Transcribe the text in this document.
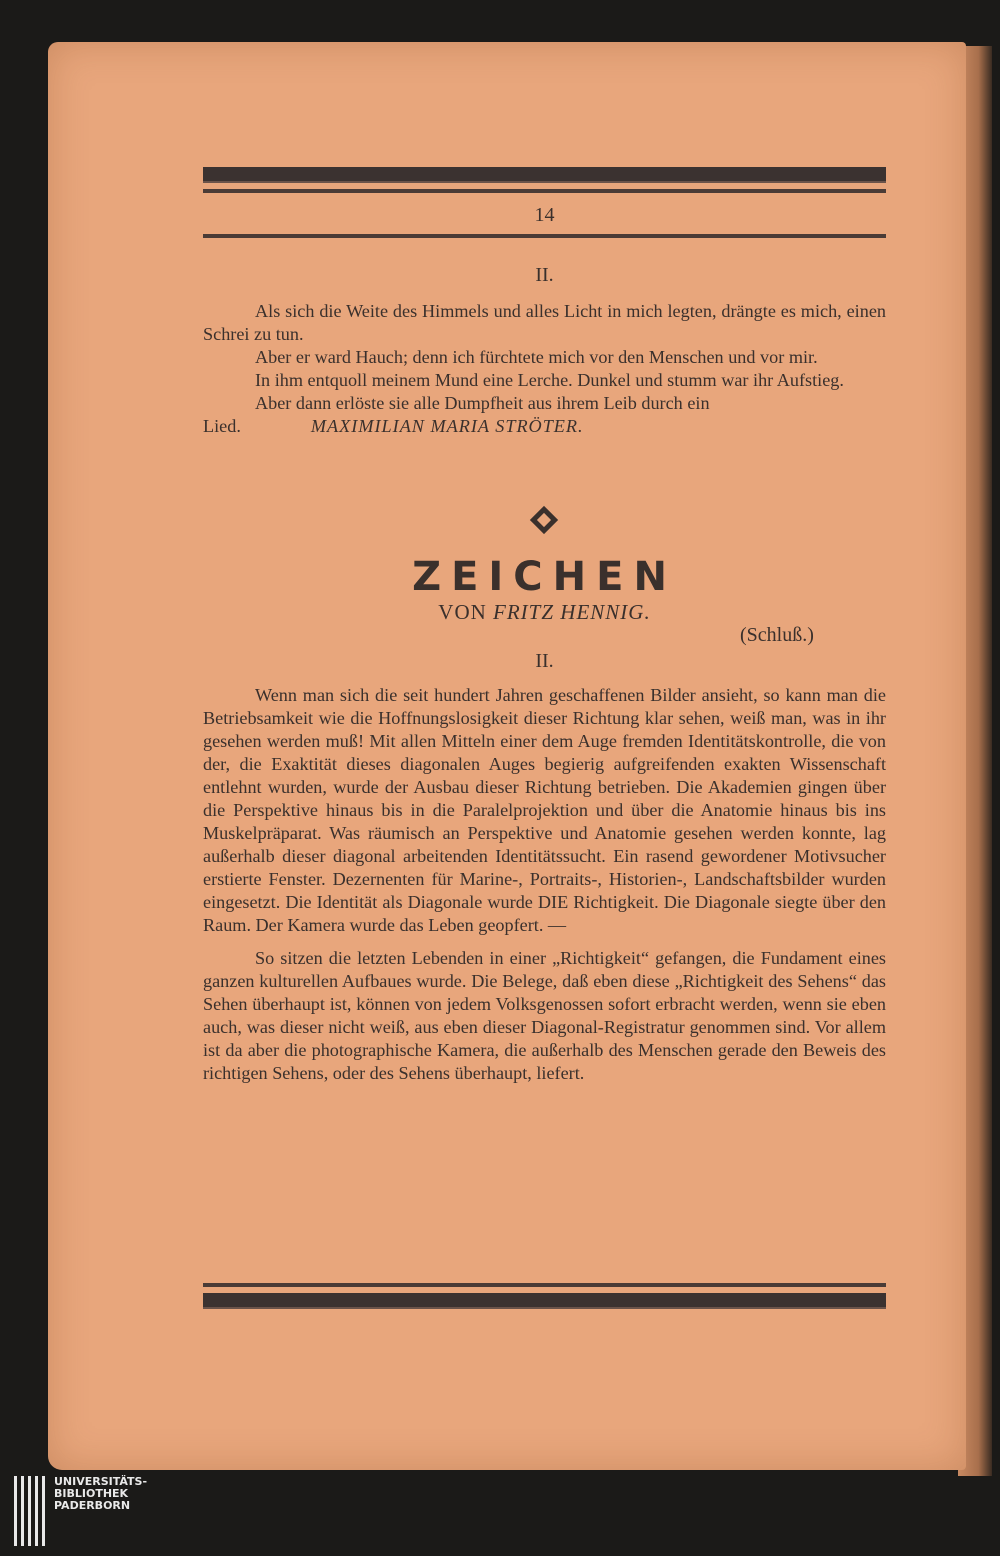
14
II.

Als sich die Weite des Himmels und alles Licht in mich legten, drängte es mich, einen Schrei zu tun.

Aber er ward Hauch; denn ich fürchtete mich vor den Menschen und vor mir.

In ihm entquoll meinem Mund eine Lerche. Dunkel und stumm war ihr Aufstieg.

Aber dann erlöste sie alle Dumpfheit aus ihrem Leib durch ein Lied.	MAXIMILIAN MARIA STRÖTER.

ZEICHEN
VON FRITZ HENNIG.
(Schluß.)
II.

Wenn man sich die seit hundert Jahren geschaffenen Bilder ansieht, so kann man die Betriebsamkeit wie die Hoffnungslosigkeit dieser Richtung klar sehen, weiß man, was in ihr gesehen werden muß! Mit allen Mitteln einer dem Auge fremden Identitätskontrolle, die von der, die Exaktität dieses diagonalen Auges begierig aufgreifenden exakten Wissenschaft entlehnt wurden, wurde der Ausbau dieser Richtung betrieben. Die Akademien gingen über die Perspektive hinaus bis in die Paralelprojektion und über die Anatomie hinaus bis ins Muskelpräparat. Was räumisch an Perspektive und Anatomie gesehen werden konnte, lag außerhalb dieser diagonal arbeitenden Identitätssucht. Ein rasend gewordener Motivsucher erstierte Fenster. Dezernenten für Marine-, Portraits-, Historien-, Landschaftsbilder wurden eingesetzt. Die Identität als Diagonale wurde DIE Richtigkeit. Die Diagonale siegte über den Raum. Der Kamera wurde das Leben geopfert. —

So sitzen die letzten Lebenden in einer „Richtigkeit“ gefangen, die Fundament eines ganzen kulturellen Aufbaues wurde. Die Belege, daß eben diese „Richtigkeit des Sehens“ das Sehen überhaupt ist, können von jedem Volksgenossen sofort erbracht werden, wenn sie eben auch, was dieser nicht weiß, aus eben dieser Diagonal-Registratur genommen sind. Vor allem ist da aber die photographische Kamera, die außerhalb des Menschen gerade den Beweis des richtigen Sehens, oder des Sehens überhaupt, liefert.

UNIVERSITÄTS-
BIBLIOTHEK
PADERBORN
